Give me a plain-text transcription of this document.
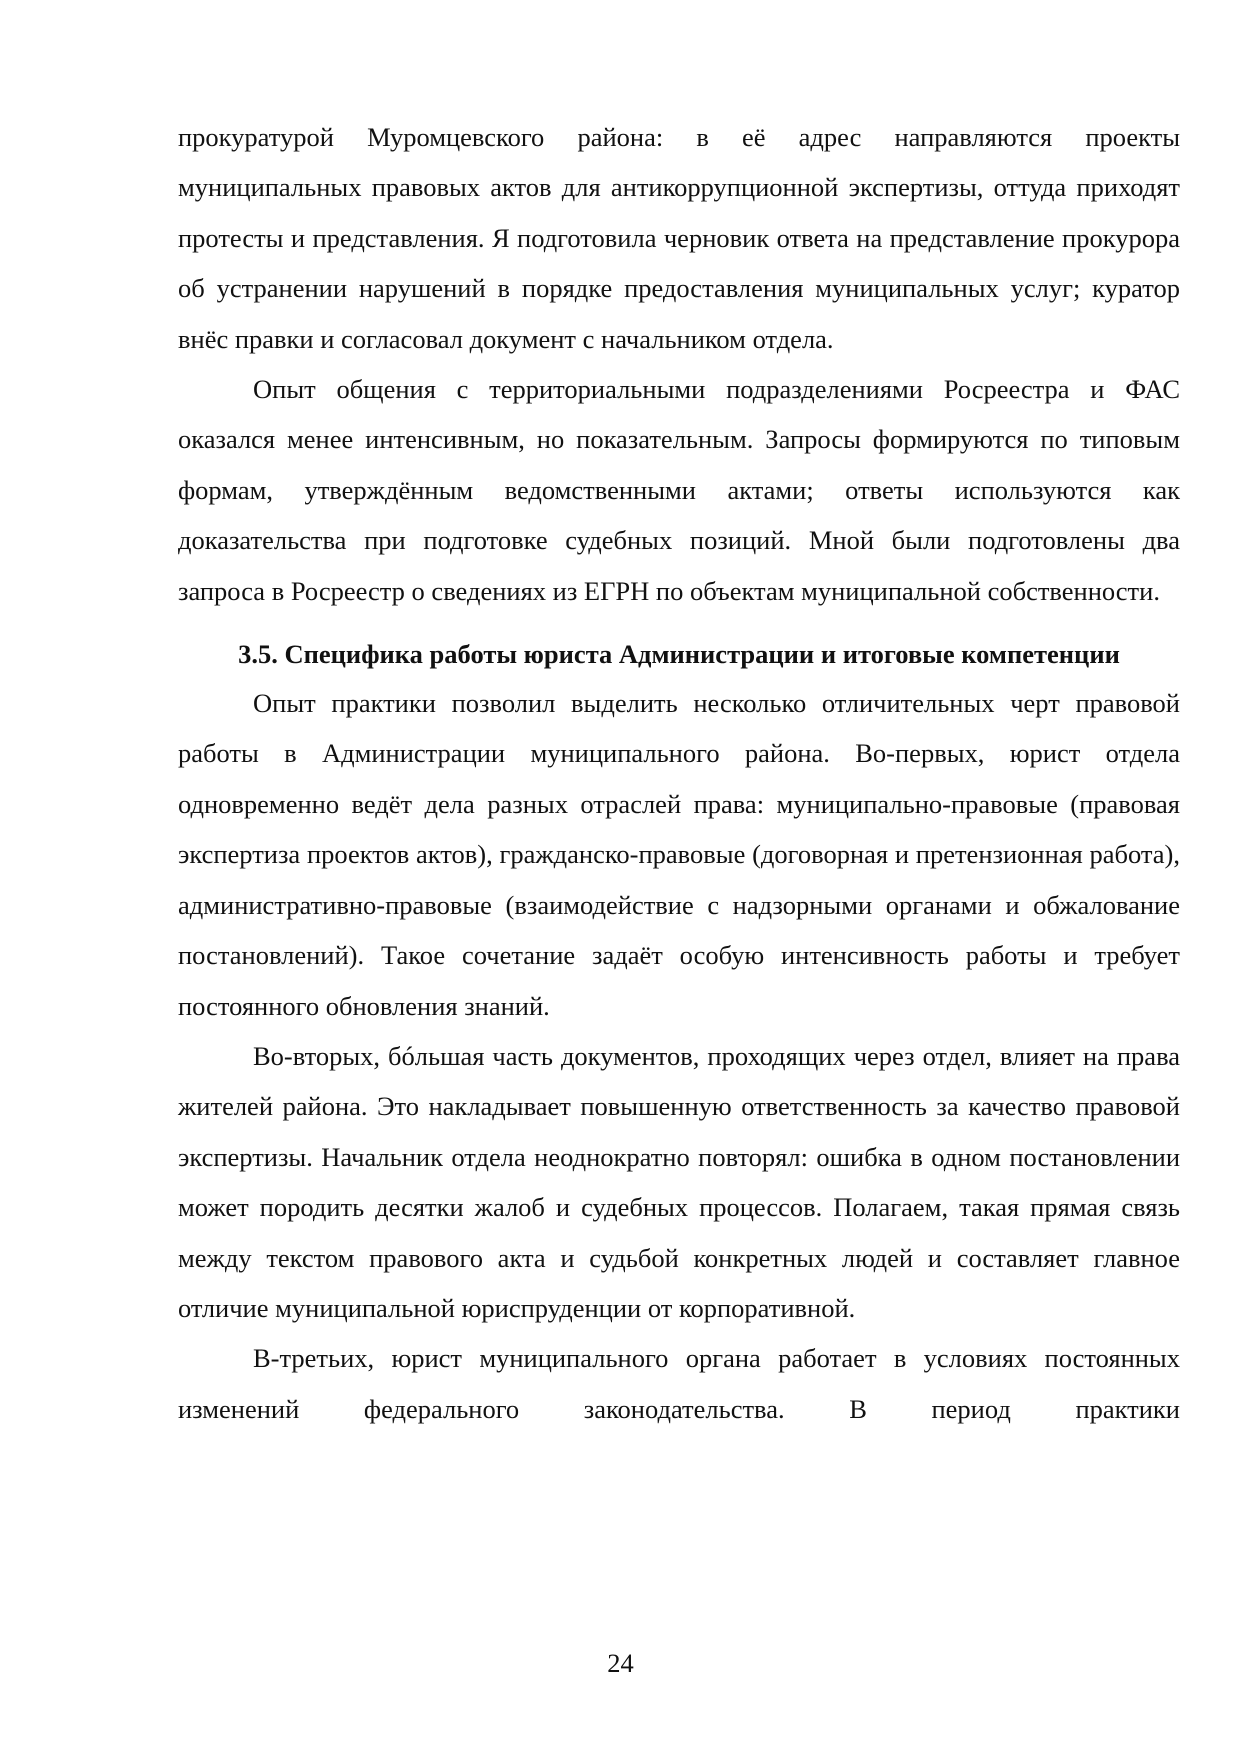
прокуратурой Муромцевского района: в её адрес направляются проекты муниципальных правовых актов для антикоррупционной экспертизы, оттуда приходят протесты и представления. Я подготовила черновик ответа на представление прокурора об устранении нарушений в порядке предоставления муниципальных услуг; куратор внёс правки и согласовал документ с начальником отдела.

Опыт общения с территориальными подразделениями Росреестра и ФАС оказался менее интенсивным, но показательным. Запросы формируются по типовым формам, утверждённым ведомственными актами; ответы используются как доказательства при подготовке судебных позиций. Мной были подготовлены два запроса в Росреестр о сведениях из ЕГРН по объектам муниципальной собственности.

3.5. Специфика работы юриста Администрации и итоговые компетенции

Опыт практики позволил выделить несколько отличительных черт правовой работы в Администрации муниципального района. Во-первых, юрист отдела одновременно ведёт дела разных отраслей права: муниципально-правовые (правовая экспертиза проектов актов), гражданско-правовые (договорная и претензионная работа), административно-правовые (взаимодействие с надзорными органами и обжалование постановлений). Такое сочетание задаёт особую интенсивность работы и требует постоянного обновления знаний.

Во-вторых, бóльшая часть документов, проходящих через отдел, влияет на права жителей района. Это накладывает повышенную ответственность за качество правовой экспертизы. Начальник отдела неоднократно повторял: ошибка в одном постановлении может породить десятки жалоб и судебных процессов. Полагаем, такая прямая связь между текстом правового акта и судьбой конкретных людей и составляет главное отличие муниципальной юриспруденции от корпоративной.

В-третьих, юрист муниципального органа работает в условиях постоянных изменений федерального законодательства. В период практики

24
